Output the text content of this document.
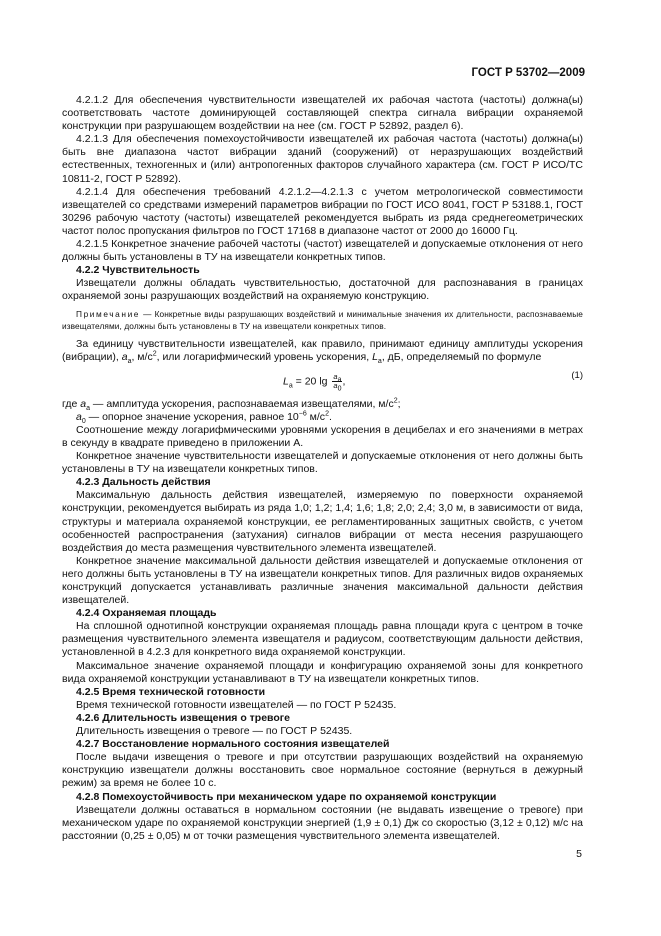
ГОСТ Р 53702—2009

4.2.1.2 Для обеспечения чувствительности извещателей их рабочая частота (частоты) должна(ы) соответствовать частоте доминирующей составляющей спектра сигнала вибрации охраняемой конструкции при разрушающем воздействии на нее (см. ГОСТ Р 52892, раздел 6).

4.2.1.3 Для обеспечения помехоустойчивости извещателей их рабочая частота (частоты) должна(ы) быть вне диапазона частот вибрации зданий (сооружений) от неразрушающих воздействий естественных, техногенных и (или) антропогенных факторов случайного характера (см. ГОСТ Р ИСО/ТС 10811-2, ГОСТ Р 52892).

4.2.1.4 Для обеспечения требований 4.2.1.2—4.2.1.3 с учетом метрологической совместимости извещателей со средствами измерений параметров вибрации по ГОСТ ИСО 8041, ГОСТ Р 53188.1, ГОСТ 30296 рабочую частоту (частоты) извещателей рекомендуется выбрать из ряда среднегеометрических частот полос пропускания фильтров по ГОСТ 17168 в диапазоне частот от 2000 до 16000 Гц.

4.2.1.5 Конкретное значение рабочей частоты (частот) извещателей и допускаемые отклонения от него должны быть установлены в ТУ на извещатели конкретных типов.

4.2.2 Чувствительность

Извещатели должны обладать чувствительностью, достаточной для распознавания в границах охраняемой зоны разрушающих воздействий на охраняемую конструкцию.

Примечание — Конкретные виды разрушающих воздействий и минимальные значения их длительности, распознаваемые извещателями, должны быть установлены в ТУ на извещатели конкретных типов.

За единицу чувствительности извещателей, как правило, принимают единицу амплитуды ускорения (вибрации), $a_a$, $м/с^2$, или логарифмический уровень ускорения, $L_a$, дБ, определяемый по формуле

$L_a = 20$ $\lg \frac{a_a}{a_0}$ ,	(1)

где $a_a$ — амплитуда ускорения, распознаваемая извещателями, $м/с^2$;

$a_0$ — опорное значение ускорения, равное $10^{-6}$ $м/с^2$.

Соотношение между логарифмическими уровнями ускорения в децибелах и его значениями в метрах в секунду в квадрате приведено в приложении А.

Конкретное значение чувствительности извещателей и допускаемые отклонения от него должны быть установлены в ТУ на извещатели конкретных типов.

4.2.3 Дальность действия

Максимальную дальность действия извещателей, измеряемую по поверхности охраняемой конструкции, рекомендуется выбирать из ряда 1,0; 1,2; 1,4; 1,6; 1,8; 2,0; 2,4; 3,0 м, в зависимости от вида, структуры и материала охраняемой конструкции, ее регламентированных защитных свойств, с учетом особенностей распространения (затухания) сигналов вибрации от места несения разрушающего воздействия до места размещения чувствительного элемента извещателей.

Конкретное значение максимальной дальности действия извещателей и допускаемые отклонения от него должны быть установлены в ТУ на извещатели конкретных типов. Для различных видов охраняемых конструкций допускается устанавливать различные значения максимальной дальности действия извещателей.

4.2.4 Охраняемая площадь

На сплошной однотипной конструкции охраняемая площадь равна площади круга с центром в точке размещения чувствительного элемента извещателя и радиусом, соответствующим дальности действия, установленной в 4.2.3 для конкретного вида охраняемой конструкции.

Максимальное значение охраняемой площади и конфигурацию охраняемой зоны для конкретного вида охраняемой конструкции устанавливают в ТУ на извещатели конкретных типов.

4.2.5 Время технической готовности

Время технической готовности извещателей — по ГОСТ Р 52435.

4.2.6 Длительность извещения о тревоге

Длительность извещения о тревоге — по ГОСТ Р 52435.

4.2.7 Восстановление нормального состояния извещателей

После выдачи извещения о тревоге и при отсутствии разрушающих воздействий на охраняемую конструкцию извещатели должны восстановить свое нормальное состояние (вернуться в дежурный режим) за время не более 10 с.

4.2.8 Помехоустойчивость при механическом ударе по охраняемой конструкции

Извещатели должны оставаться в нормальном состоянии (не выдавать извещение о тревоге) при механическом ударе по охраняемой конструкции энергией (1,9 ± 0,1) Дж со скоростью (3,12 ± 0,12) м/с на расстоянии (0,25 ± 0,05) м от точки размещения чувствительного элемента извещателей.

5
